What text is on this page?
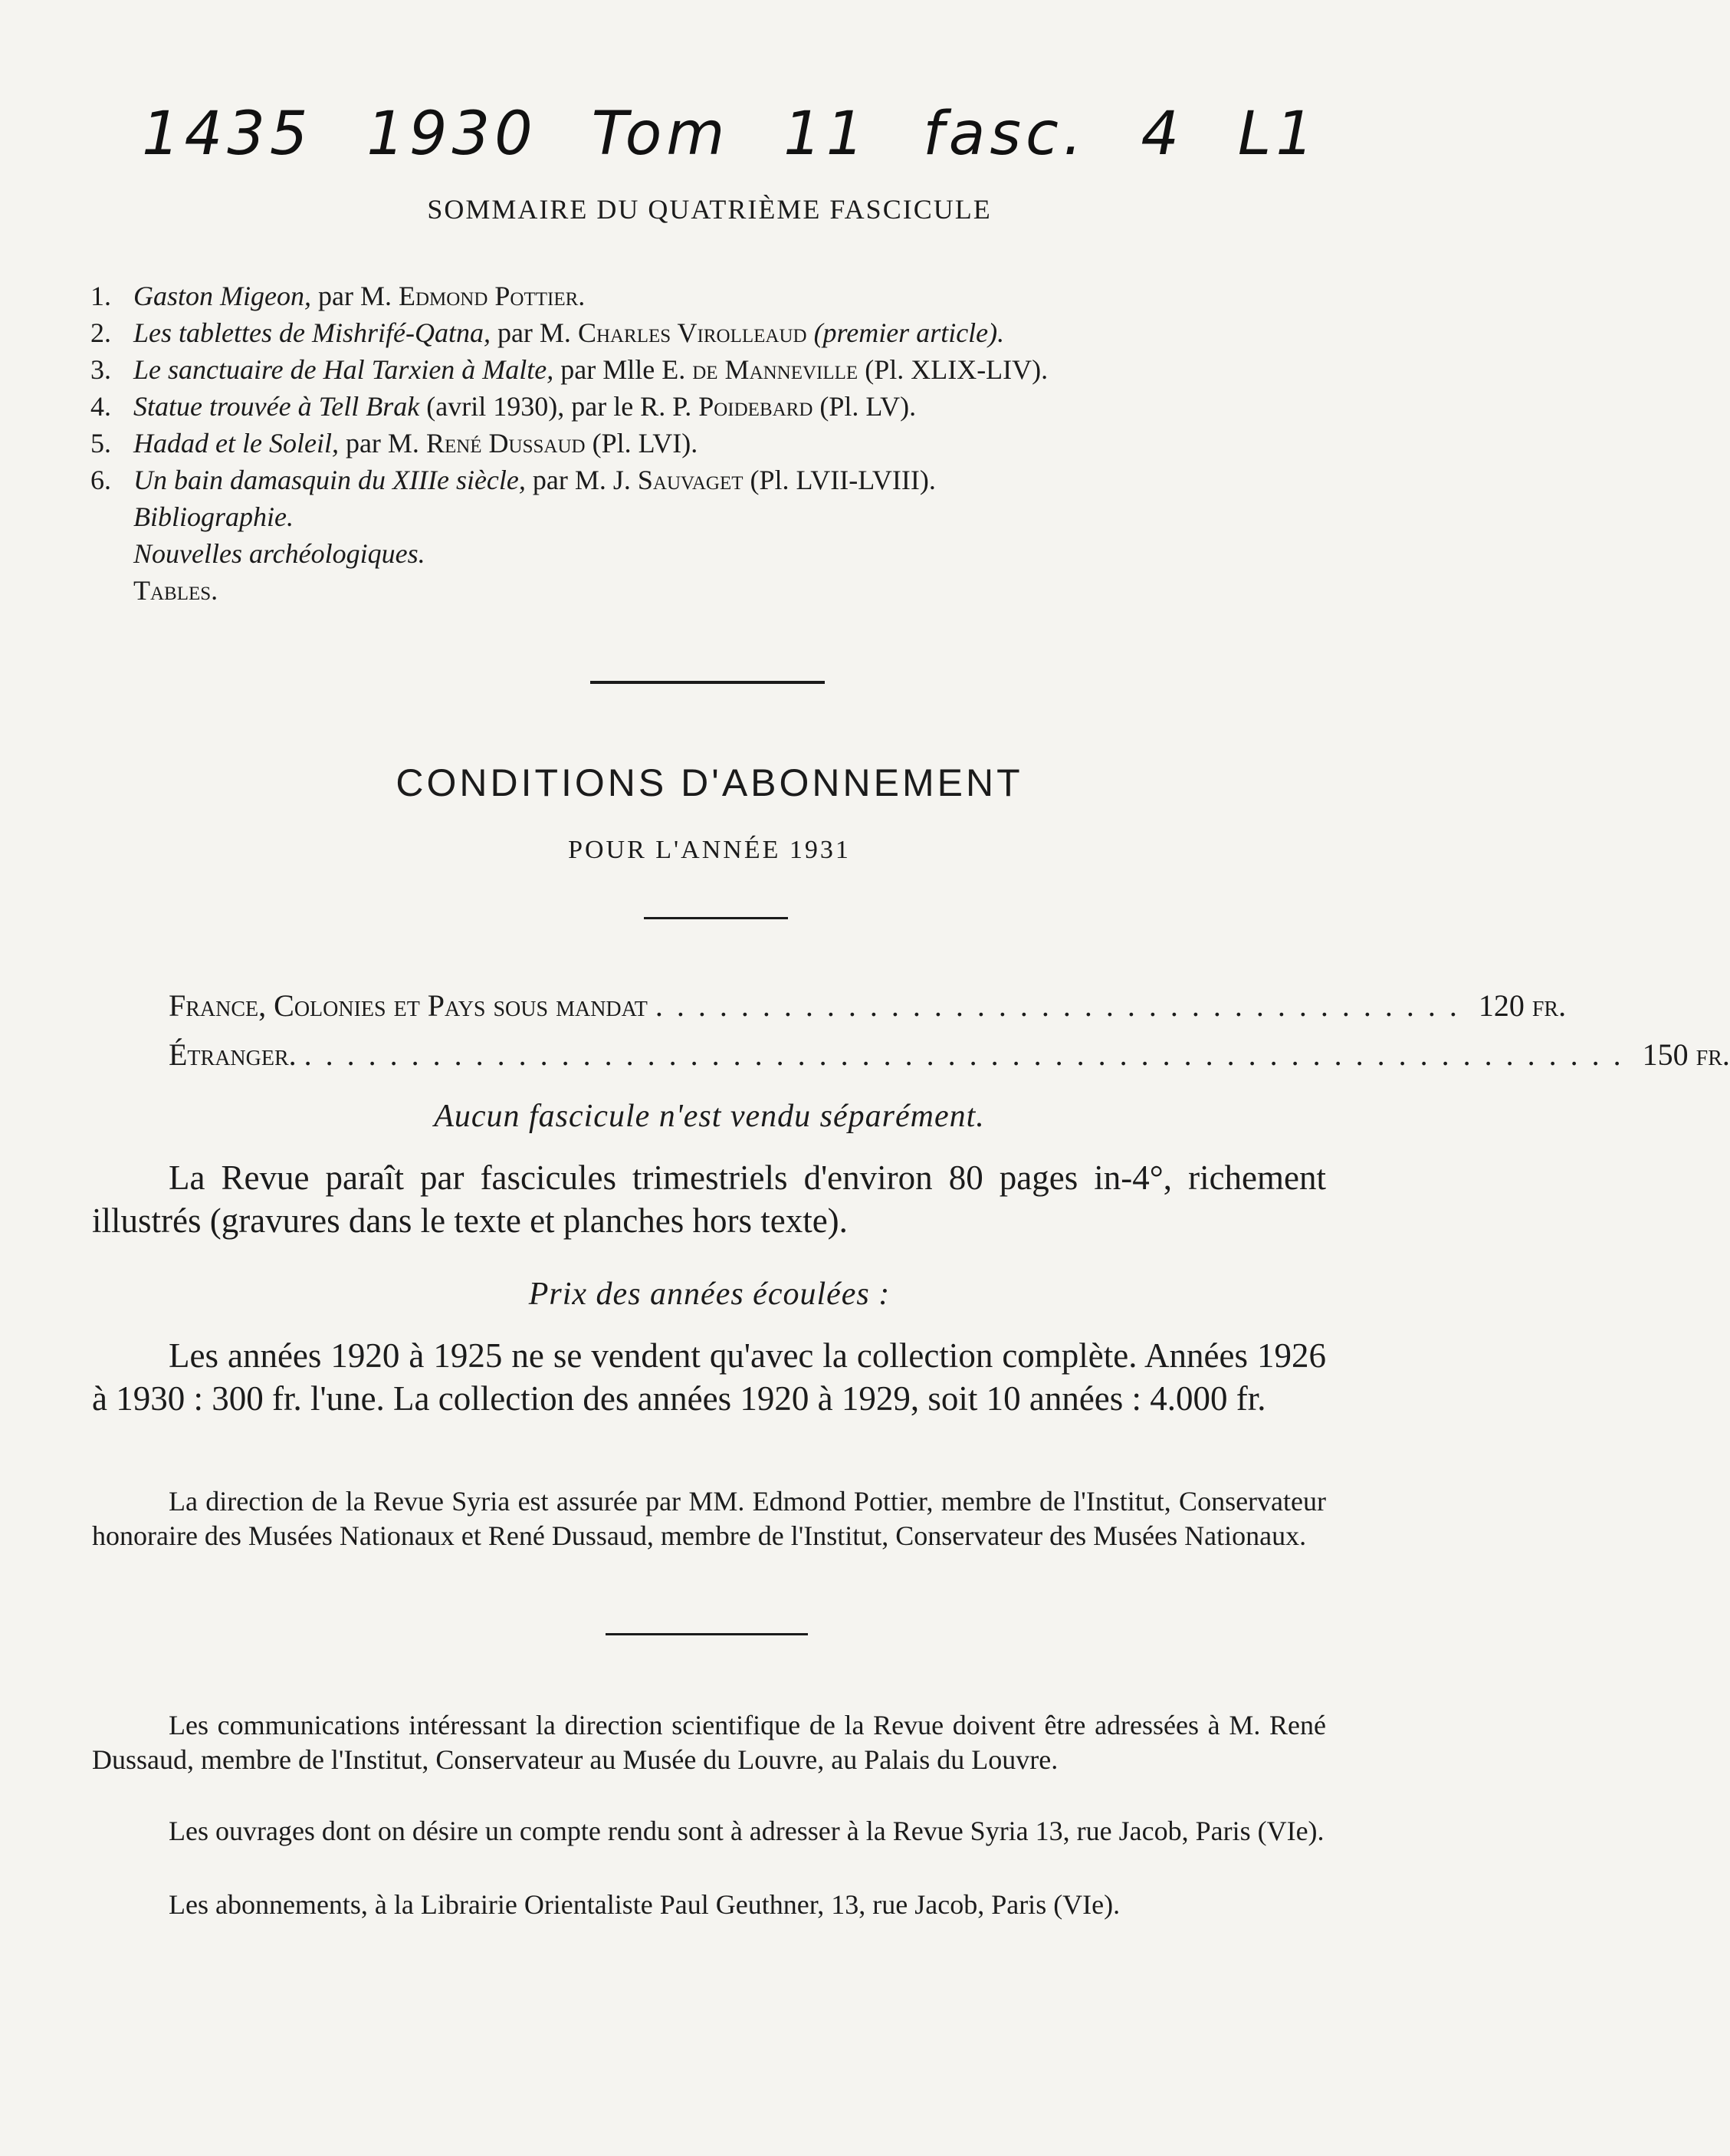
1435 1930 Tom 11 fasc. 4 L1
SOMMAIRE DU QUATRIÈME FASCICULE
1. Gaston Migeon, par M. Edmond Pottier.
2. Les tablettes de Mishrifé-Qatna, par M. Charles Virolleaud (premier article).
3. Le sanctuaire de Hal Tarxien à Malte, par Mlle E. de Manneville (Pl. XLIX-LIV).
4. Statue trouvée à Tell Brak (avril 1930), par le R. P. Poidebard (Pl. LV).
5. Hadad et le Soleil, par M. René Dussaud (Pl. LVI).
6. Un bain damasquin du XIIIe siècle, par M. J. Sauvaget (Pl. LVII-LVIII).
Bibliographie.
Nouvelles archéologiques.
Tables.
CONDITIONS D'ABONNEMENT
POUR L'ANNÉE 1931
France, Colonies et Pays sous mandat ...................................... 120 fr.
Étranger. .............................................................. 150 fr.
Aucun fascicule n'est vendu séparément.

La Revue paraît par fascicules trimestriels d'environ 80 pages in-4°, richement illustrés (gravures dans le texte et planches hors texte).

Prix des années écoulées :

Les années 1920 à 1925 ne se vendent qu'avec la collection complète. Années 1926 à 1930 : 300 fr. l'une. La collection des années 1920 à 1929, soit 10 années : 4.000 fr.

La direction de la Revue Syria est assurée par MM. Edmond Pottier, membre de l'Institut, Conservateur honoraire des Musées Nationaux et René Dussaud, membre de l'Institut, Conservateur des Musées Nationaux.

Les communications intéressant la direction scientifique de la Revue doivent être adressées à M. René Dussaud, membre de l'Institut, Conservateur au Musée du Louvre, au Palais du Louvre.

Les ouvrages dont on désire un compte rendu sont à adresser à la Revue Syria 13, rue Jacob, Paris (VIe).

Les abonnements, à la Librairie Orientaliste Paul Geuthner, 13, rue Jacob, Paris (VIe).
